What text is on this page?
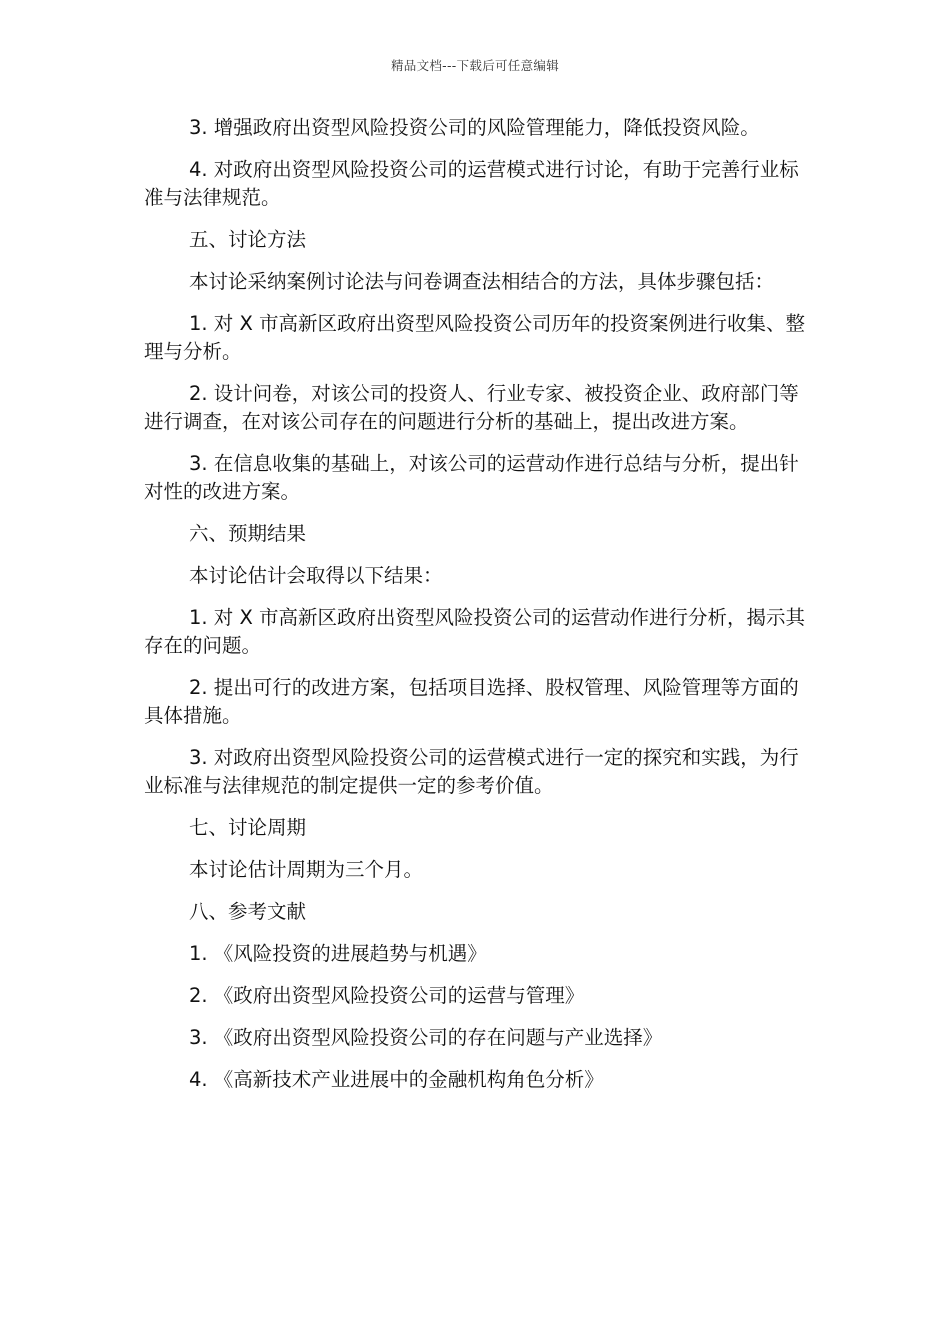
精品文档---下载后可任意编辑

3. 增强政府出资型风险投资公司的风险管理能力，降低投资风险。

4. 对政府出资型风险投资公司的运营模式进行讨论，有助于完善行业标准与法律规范。

五、讨论方法

本讨论采纳案例讨论法与问卷调查法相结合的方法，具体步骤包括：

1. 对 X 市高新区政府出资型风险投资公司历年的投资案例进行收集、整理与分析。

2. 设计问卷，对该公司的投资人、行业专家、被投资企业、政府部门等进行调查，在对该公司存在的问题进行分析的基础上，提出改进方案。

3. 在信息收集的基础上，对该公司的运营动作进行总结与分析，提出针对性的改进方案。

六、预期结果

本讨论估计会取得以下结果：

1. 对 X 市高新区政府出资型风险投资公司的运营动作进行分析，揭示其存在的问题。

2. 提出可行的改进方案，包括项目选择、股权管理、风险管理等方面的具体措施。

3. 对政府出资型风险投资公司的运营模式进行一定的探究和实践，为行业标准与法律规范的制定提供一定的参考价值。

七、讨论周期

本讨论估计周期为三个月。

八、参考文献

1. 《风险投资的进展趋势与机遇》

2. 《政府出资型风险投资公司的运营与管理》

3. 《政府出资型风险投资公司的存在问题与产业选择》

4. 《高新技术产业进展中的金融机构角色分析》
